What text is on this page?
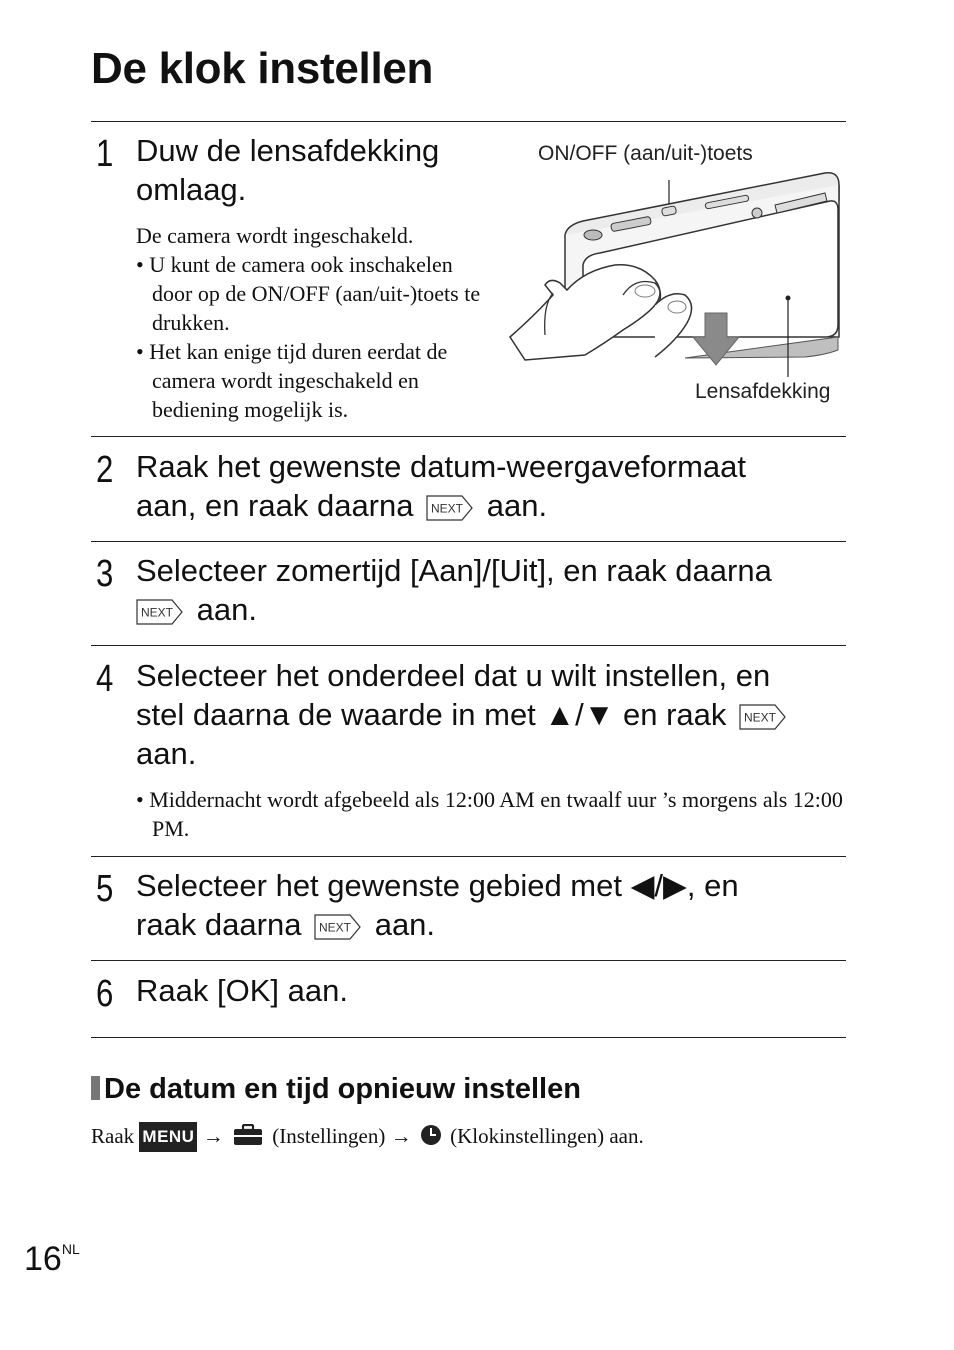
De klok instellen
1 Duw de lensafdekking
omlaag.
De camera wordt ingeschakeld.
• U kunt de camera ook inschakelen door op de ON/OFF (aan/uit-)toets te drukken.
• Het kan enige tijd duren eerdat de camera wordt ingeschakeld en bediening mogelijk is.
ON/OFF (aan/uit-)toets
Lensafdekking
2 Raak het gewenste datum-weergaveformaat
aan, en raak daarna NEXT aan.
3 Selecteer zomertijd [Aan]/[Uit], en raak daarna
NEXT aan.
4 Selecteer het onderdeel dat u wilt instellen, en
stel daarna de waarde in met ▲/▼ en raak NEXT
aan.
• Middernacht wordt afgebeeld als 12:00 AM en twaalf uur ’s morgens als 12:00 PM.
5 Selecteer het gewenste gebied met ◀/▶, en
raak daarna NEXT aan.
6 Raak [OK] aan.
De datum en tijd opnieuw instellen
Raak MENU → (Instellingen) → (Klokinstellingen) aan.
$16^{NL}$
